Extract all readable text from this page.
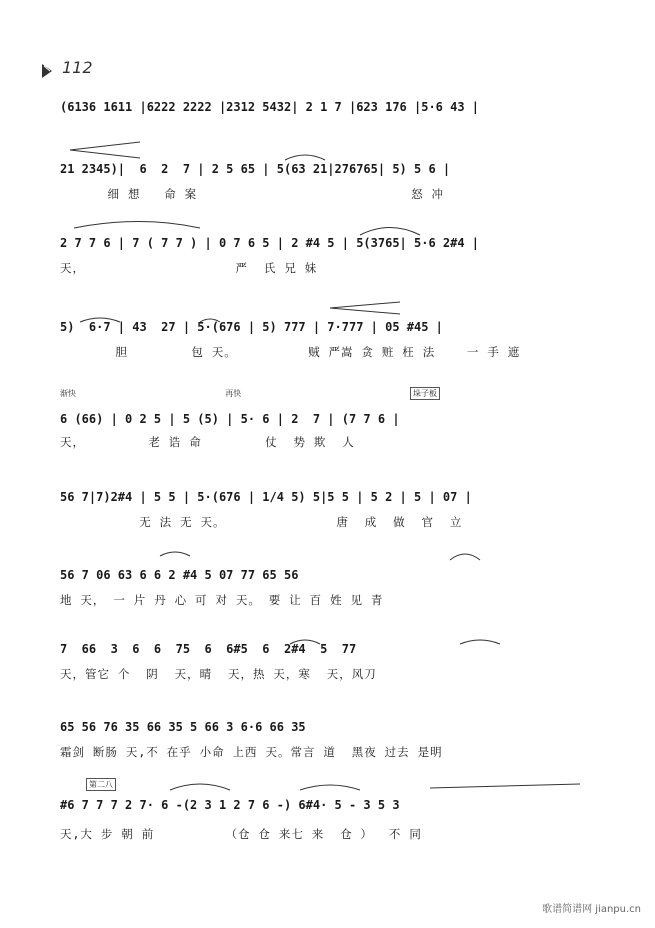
112
(6136 1611 |6222 2222 |2312 5432| 2 1 7 |623 176 |5·6 43 |
21 2345)|  6  2  7 | 2 5 65 | 5(63 21|276765| 5) 5 6 |
细 想   命 案                           怒 冲
2 7 7 6 | 7 ( 7 7 ) | 0 7 6 5 | 2 #4 5 | 5(3765| 5·6 2#4 |
天，                   严  氏 兄 妹
5)  6·7 | 43  27 | 5·(676 | 5) 777 | 7·777 | 05 #45 |
胆        包 天。         贼 严嵩 贪 赃 枉 法    一 手 遮
渐快                               再快	垛子板
6 (66) | 0 2 5 | 5 (5) | 5· 6 | 2  7 | (7 7 6 |
天，        老 诰 命        仗  势 欺  人
56 7|7)2#4 | 5 5 | 5·(676 | 1/4 5) 5|5 5 | 5 2 | 5 | 07 |
无 法 无 天。              唐  成  做  官  立
56 7 06 63 6 6 2 #4 5 07 77 65 56
地 天， 一 片 丹 心 可 对 天。 要 让 百 姓 见 青
7  66  3  6  6  75  6  6#5  6  2#4  5  77
天，管它 个  阴  天，晴  天，热 天，寒  天，风刀
65 56 76 35 66 35 5 66 3 6·6 66 35
霜剑 断肠 天,不 在乎 小命 上西 天。常言 道  黑夜 过去 是明
第二八
#6 7 7 7 2 7· 6 -(2 3 1 2 7 6 -) 6#4· 5 - 3 5 3
天,大 步 朝 前         （仓 仓 来七 来  仓 ）  不 同
歌谱简谱网 jianpu.cn
